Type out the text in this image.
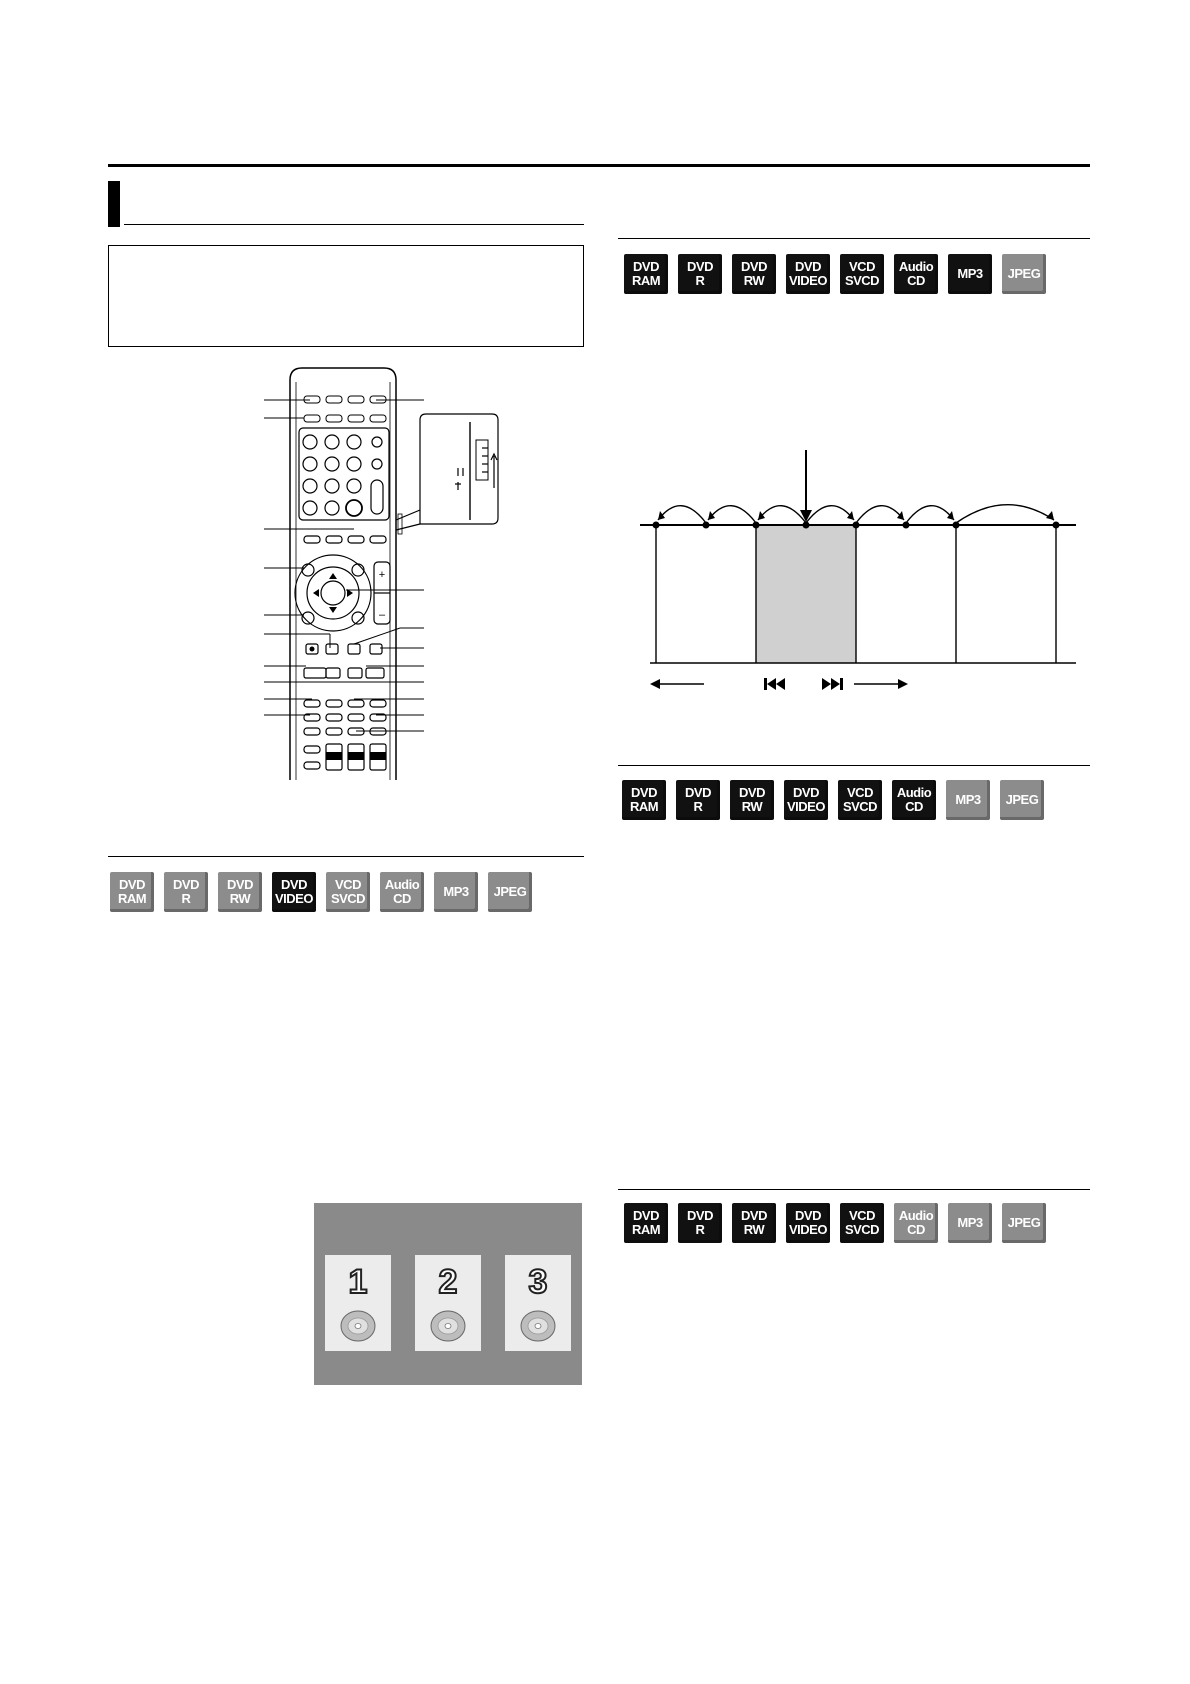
+
–
DVD
RAM
DVD
R
DVD
RW
DVD
VIDEO
VCD
SVCD
Audio
CD MP3 JPEG
DVD
RAM
DVD
R
DVD
RW
DVD
VIDEO
VCD
SVCD
Audio
CD MP3 JPEG
DVD
RAM
DVD
R
DVD
RW
DVD
VIDEO
VCD
SVCD
Audio
CD MP3 JPEG
DVD
RAM
DVD
R
DVD
RW
DVD
VIDEO
VCD
SVCD
Audio
CD MP3 JPEG
1 2 3
